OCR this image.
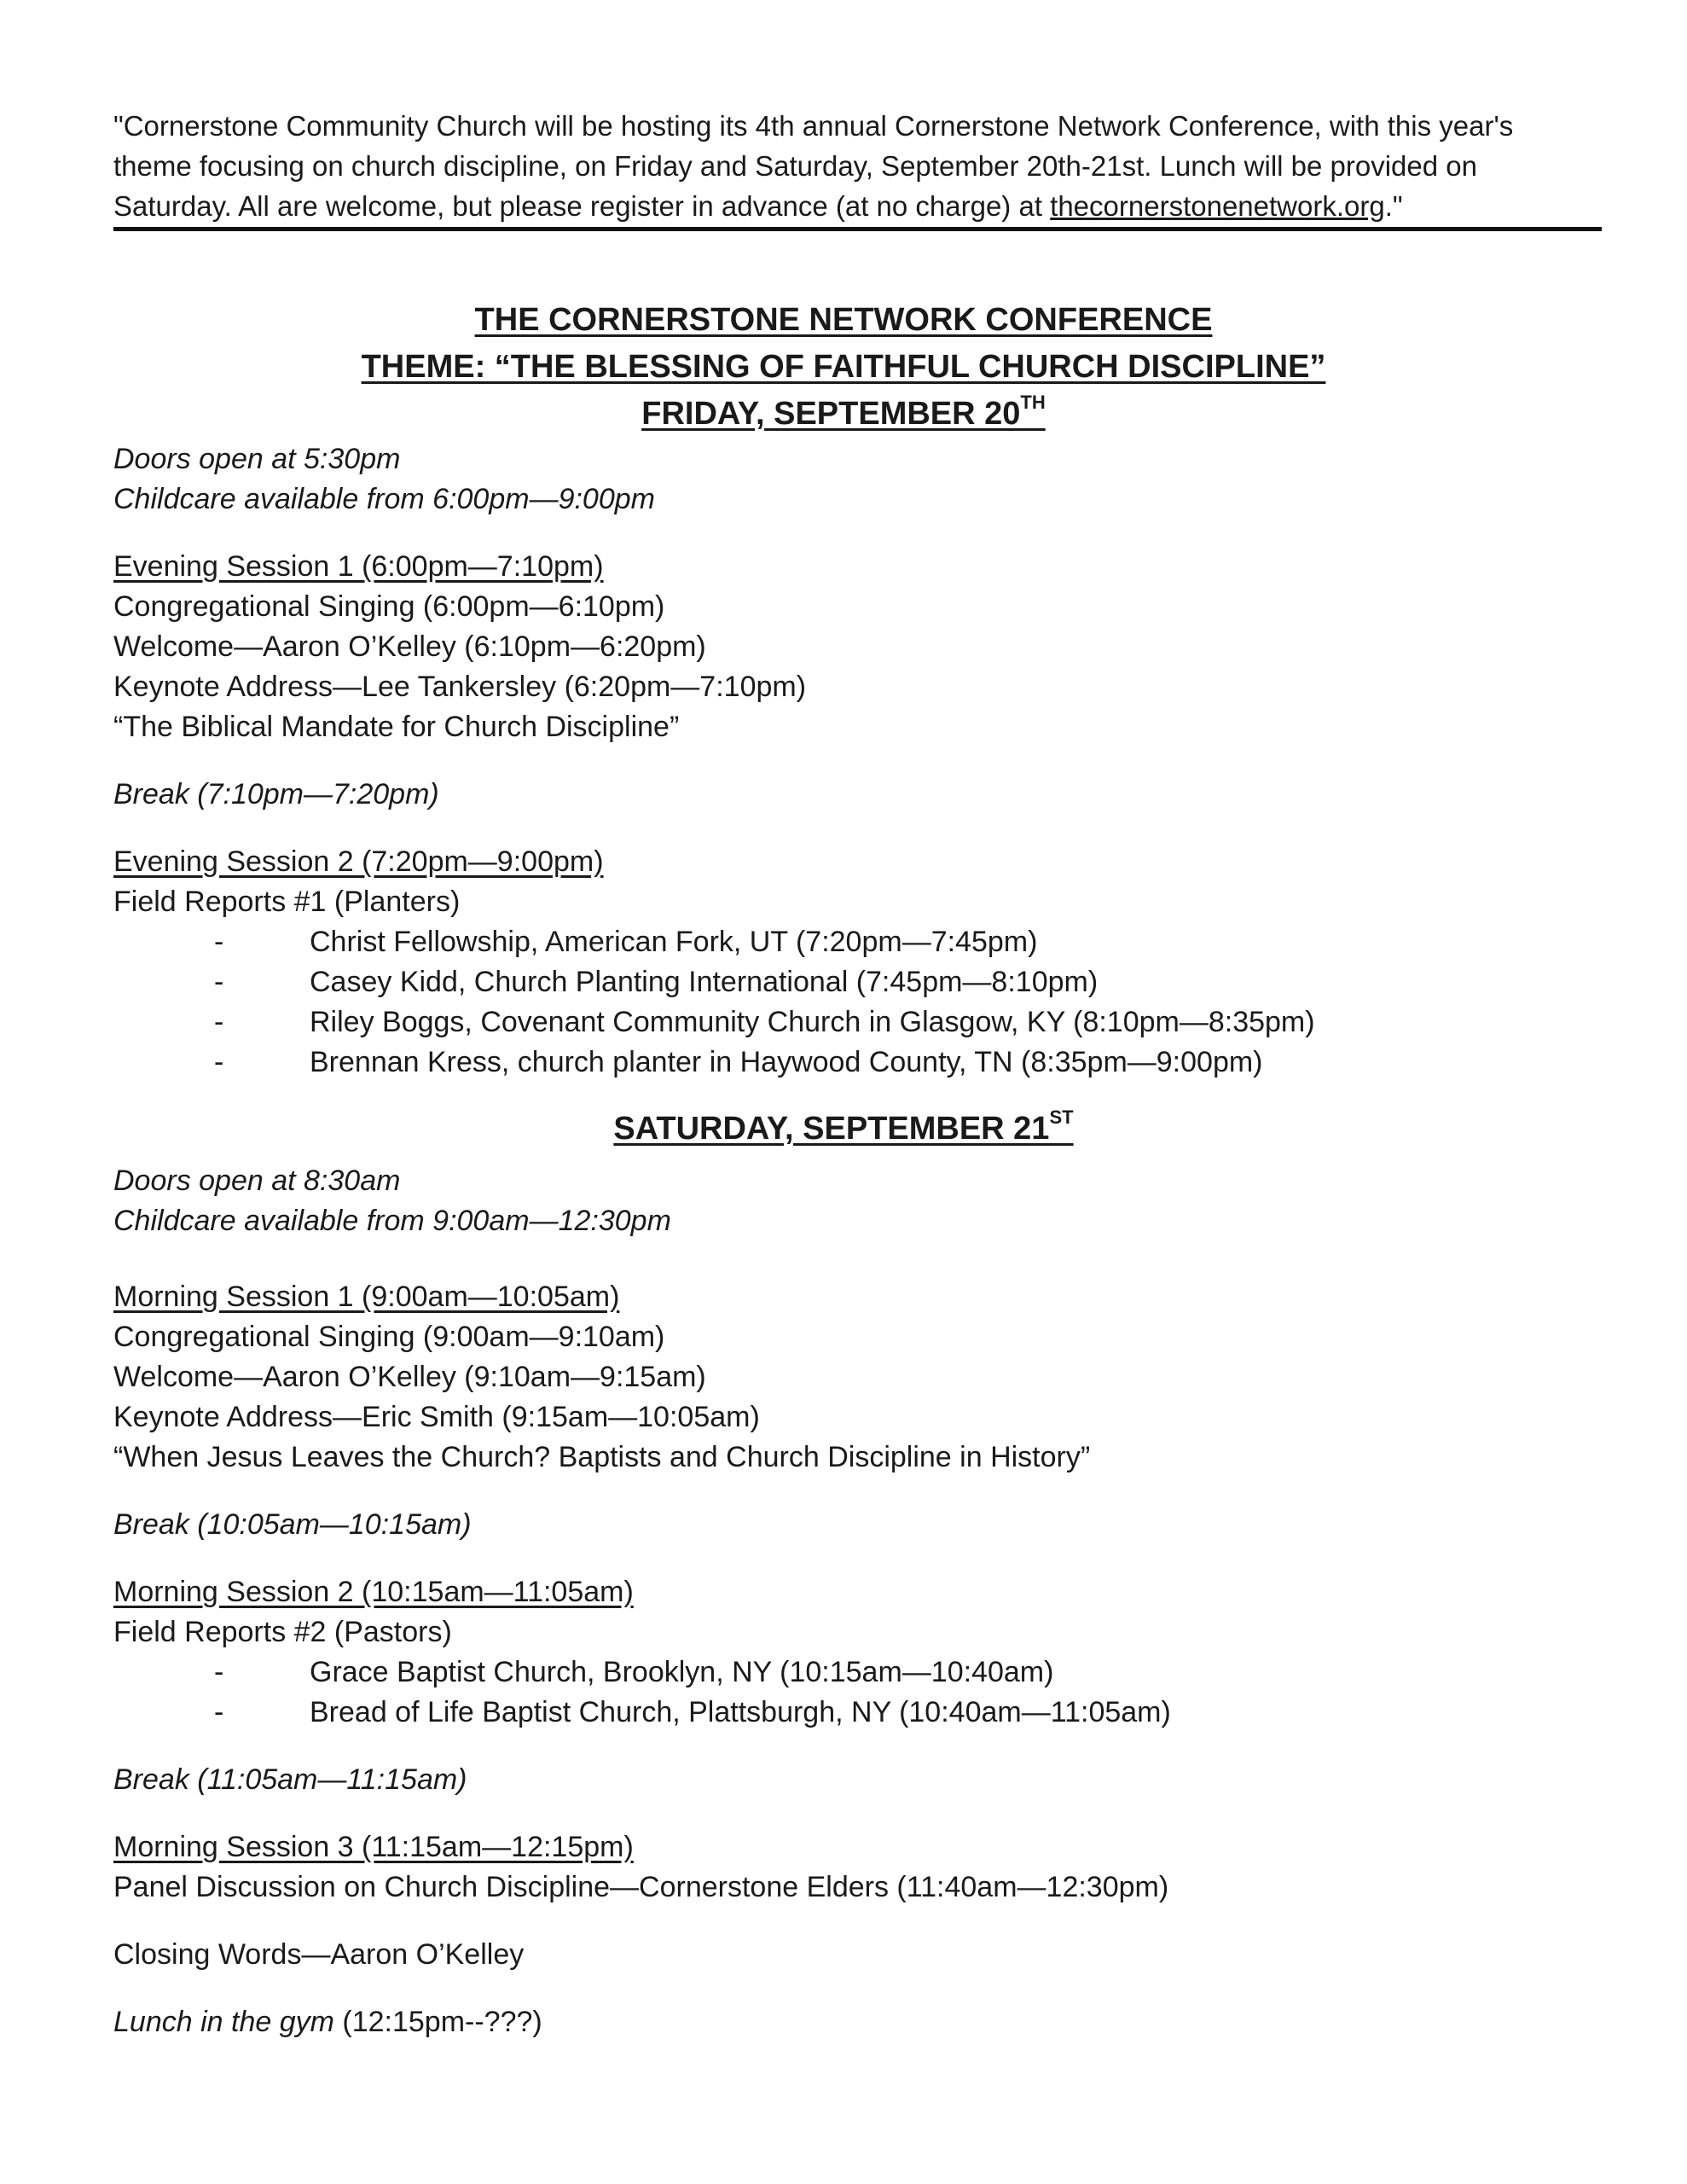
"Cornerstone Community Church will be hosting its 4th annual Cornerstone Network Conference, with this year's theme focusing on church discipline, on Friday and Saturday, September 20th-21st. Lunch will be provided on Saturday. All are welcome, but please register in advance (at no charge) at thecornerstonenetwork.org."
THE CORNERSTONE NETWORK CONFERENCE
THEME: “THE BLESSING OF FAITHFUL CHURCH DISCIPLINE”
FRIDAY, SEPTEMBER 20TH
Doors open at 5:30pm
Childcare available from 6:00pm—9:00pm
Evening Session 1 (6:00pm—7:10pm)
Congregational Singing (6:00pm—6:10pm)
Welcome—Aaron O’Kelley (6:10pm—6:20pm)
Keynote Address—Lee Tankersley (6:20pm—7:10pm)
“The Biblical Mandate for Church Discipline”
Break (7:10pm—7:20pm)
Evening Session 2 (7:20pm—9:00pm)
Field Reports #1 (Planters)
-	Christ Fellowship, American Fork, UT (7:20pm—7:45pm)
-	Casey Kidd, Church Planting International (7:45pm—8:10pm)
-	Riley Boggs, Covenant Community Church in Glasgow, KY (8:10pm—8:35pm)
-	Brennan Kress, church planter in Haywood County, TN (8:35pm—9:00pm)
SATURDAY, SEPTEMBER 21ST
Doors open at 8:30am
Childcare available from 9:00am—12:30pm
Morning Session 1 (9:00am—10:05am)
Congregational Singing (9:00am—9:10am)
Welcome—Aaron O’Kelley (9:10am—9:15am)
Keynote Address—Eric Smith (9:15am—10:05am)
“When Jesus Leaves the Church? Baptists and Church Discipline in History”
Break (10:05am—10:15am)
Morning Session 2 (10:15am—11:05am)
Field Reports #2 (Pastors)
-	Grace Baptist Church, Brooklyn, NY (10:15am—10:40am)
-	Bread of Life Baptist Church, Plattsburgh, NY (10:40am—11:05am)
Break (11:05am—11:15am)
Morning Session 3 (11:15am—12:15pm)
Panel Discussion on Church Discipline—Cornerstone Elders (11:40am—12:30pm)
Closing Words—Aaron O’Kelley
Lunch in the gym (12:15pm--???)
